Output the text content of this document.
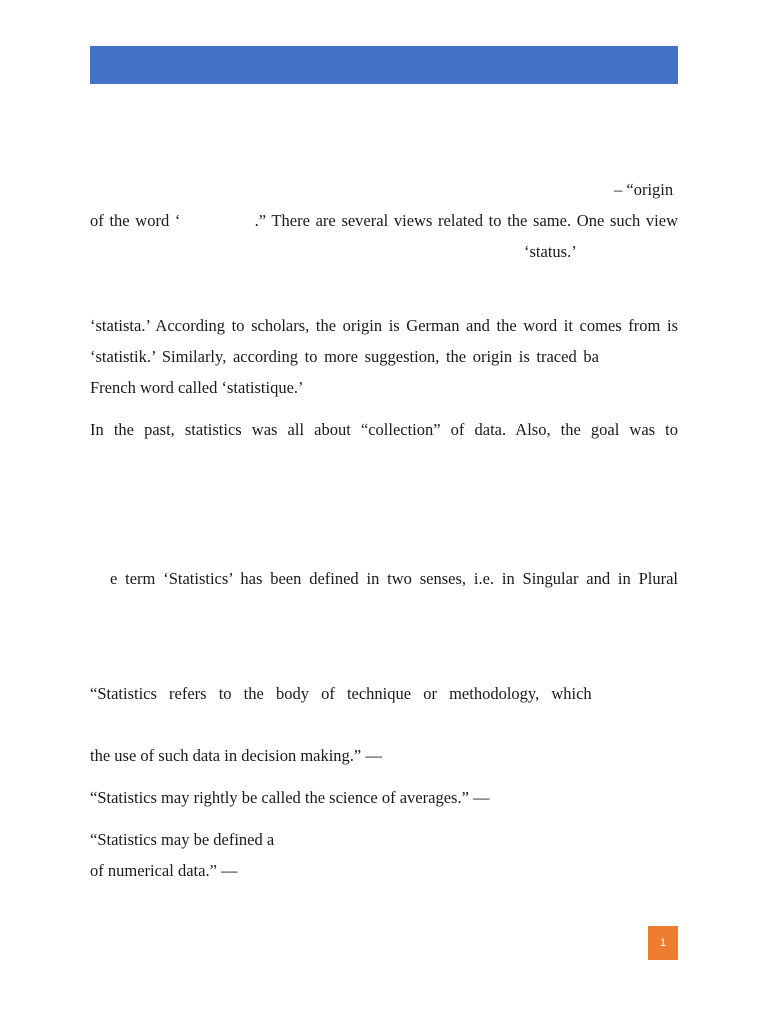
– “origin
of the word ‘             .” There are several views related to the same. One such view
‘status.’
‘statista.’ According to scholars, the origin is German and the word it comes from is
‘statistik.’ Similarly, according to more suggestion, the origin is traced ba
French word called ‘statistique.’
In the past, statistics was all about “collection” of data. Also, the goal was to
e term ‘Statistics’ has been defined in two senses, i.e. in Singular and in Plural
“Statistics refers to the body of technique or methodology, which
the use of such data in decision making.” —
“Statistics may rightly be called the science of averages.” —
“Statistics may be defined a
of numerical data.” —
1
